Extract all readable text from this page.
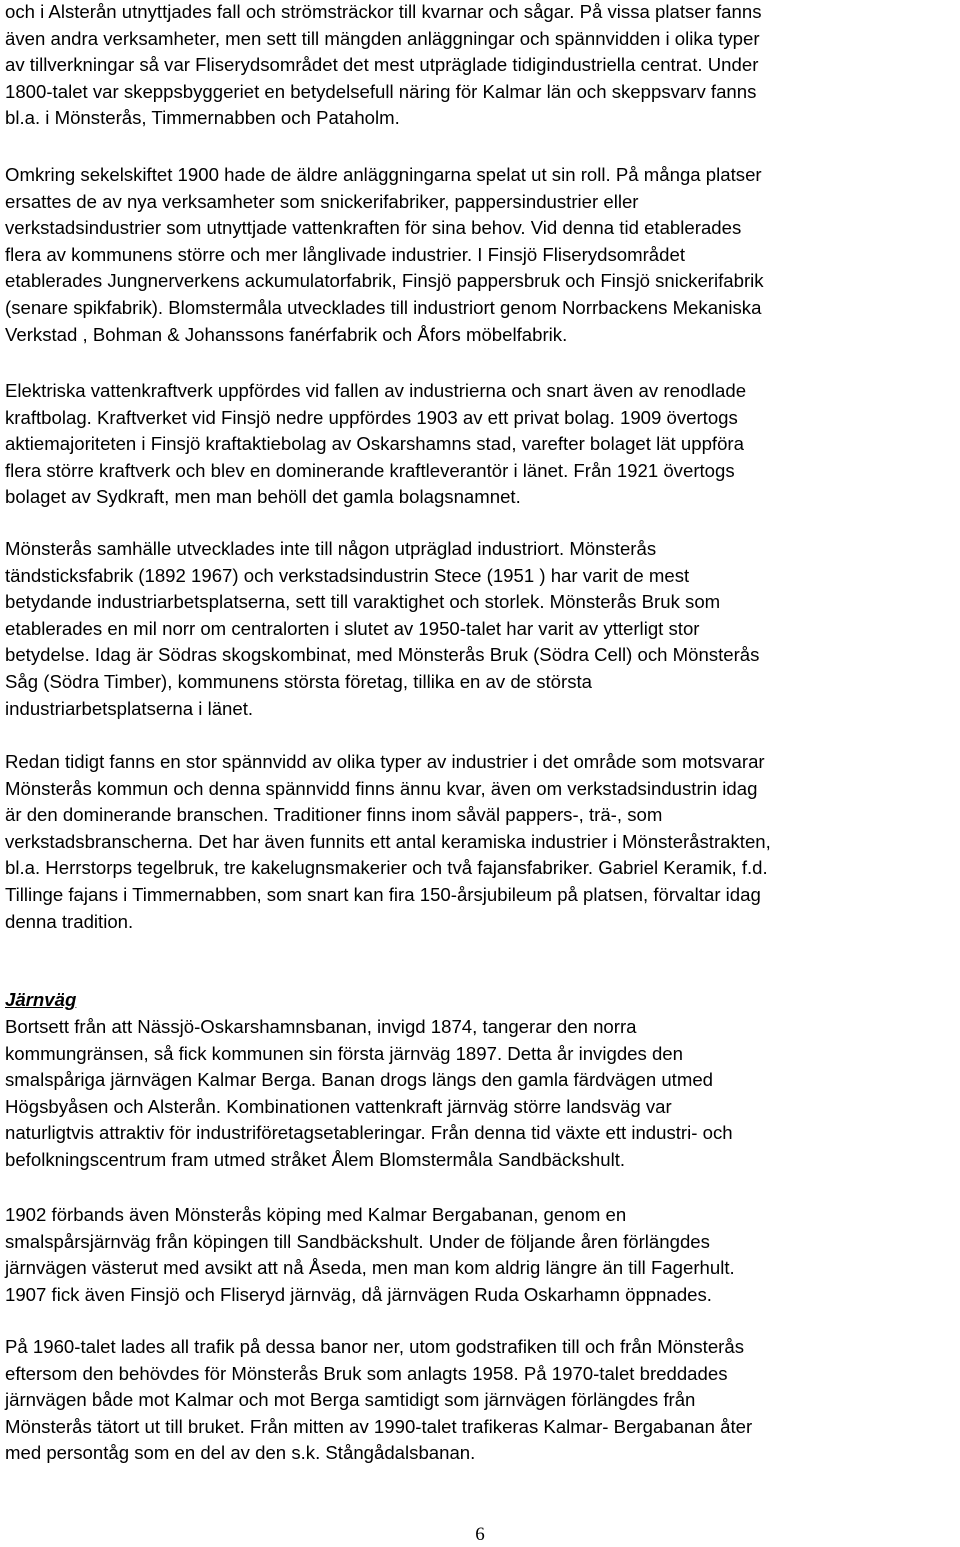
och i Alsterån utnyttjades fall och strömsträckor till kvarnar och sågar. På vissa platser fanns
även andra verksamheter, men sett till mängden anläggningar och spännvidden i olika typer
av tillverkningar så var Fliserydsområdet det mest utpräglade tidigindustriella centrat. Under
1800-talet var skeppsbyggeriet en betydelsefull näring för Kalmar län och skeppsvarv fanns
bl.a. i Mönsterås, Timmernabben och Pataholm.
Omkring sekelskiftet 1900 hade de äldre anläggningarna spelat ut sin roll. På många platser
ersattes de av nya verksamheter som snickerifabriker, pappersindustrier eller
verkstadsindustrier som utnyttjade vattenkraften för sina behov. Vid denna tid etablerades
flera av kommunens större och mer långlivade industrier. I Finsjö Fliserydsområdet
etablerades Jungnerverkens ackumulatorfabrik, Finsjö pappersbruk och Finsjö snickerifabrik
(senare spikfabrik). Blomstermåla utvecklades till industriort genom Norrbackens Mekaniska
Verkstad , Bohman & Johanssons fanérfabrik och Åfors möbelfabrik.
Elektriska vattenkraftverk uppfördes vid fallen av industrierna och snart även av renodlade
kraftbolag. Kraftverket vid Finsjö nedre uppfördes 1903 av ett privat bolag. 1909 övertogs
aktiemajoriteten i Finsjö kraftaktiebolag av Oskarshamns stad, varefter bolaget lät uppföra
flera större kraftverk och blev en dominerande kraftleverantör i länet. Från 1921 övertogs
bolaget av Sydkraft, men man behöll det gamla bolagsnamnet.
Mönsterås samhälle utvecklades inte till någon utpräglad industriort. Mönsterås
tändsticksfabrik (1892 1967) och verkstadsindustrin Stece (1951 ) har varit de mest
betydande industriarbetsplatserna, sett till varaktighet och storlek. Mönsterås Bruk som
etablerades en mil norr om centralorten i slutet av 1950-talet har varit av ytterligt stor
betydelse. Idag är Södras skogskombinat, med Mönsterås Bruk (Södra Cell) och Mönsterås
Såg (Södra Timber), kommunens största företag, tillika en av de största
industriarbetsplatserna i länet.
Redan tidigt fanns en stor spännvidd av olika typer av industrier i det område som motsvarar
Mönsterås kommun och denna spännvidd finns ännu kvar, även om verkstadsindustrin idag
är den dominerande branschen. Traditioner finns inom såväl pappers-, trä-, som
verkstadsbranscherna. Det har även funnits ett antal keramiska industrier i Mönsteråstrakten,
bl.a. Herrstorps tegelbruk, tre kakelugnsmakerier och två fajansfabriker. Gabriel Keramik, f.d.
Tillinge fajans i Timmernabben, som snart kan fira 150-årsjubileum på platsen, förvaltar idag
denna tradition.
Järnväg
Bortsett från att Nässjö-Oskarshamnsbanan, invigd 1874, tangerar den norra
kommungränsen, så fick kommunen sin första järnväg 1897. Detta år invigdes den
smalspåriga järnvägen Kalmar Berga. Banan drogs längs den gamla färdvägen utmed
Högsbyåsen och Alsterån. Kombinationen vattenkraft järnväg större landsväg var
naturligtvis attraktiv för industriföretagsetableringar. Från denna tid växte ett industri- och
befolkningscentrum fram utmed stråket Ålem Blomstermåla Sandbäckshult.
1902 förbands även Mönsterås köping med Kalmar Bergabanan, genom en
smalspårsjärnväg från köpingen till Sandbäckshult. Under de följande åren förlängdes
järnvägen västerut med avsikt att nå Åseda, men man kom aldrig längre än till Fagerhult.
1907 fick även Finsjö och Fliseryd järnväg, då järnvägen Ruda Oskarhamn öppnades.
På 1960-talet lades all trafik på dessa banor ner, utom godstrafiken till och från Mönsterås
eftersom den behövdes för Mönsterås Bruk som anlagts 1958. På 1970-talet breddades
järnvägen både mot Kalmar och mot Berga samtidigt som järnvägen förlängdes från
Mönsterås tätort ut till bruket. Från mitten av 1990-talet trafikeras Kalmar- Bergabanan åter
med persontåg som en del av den s.k. Stångådalsbanan.
6
